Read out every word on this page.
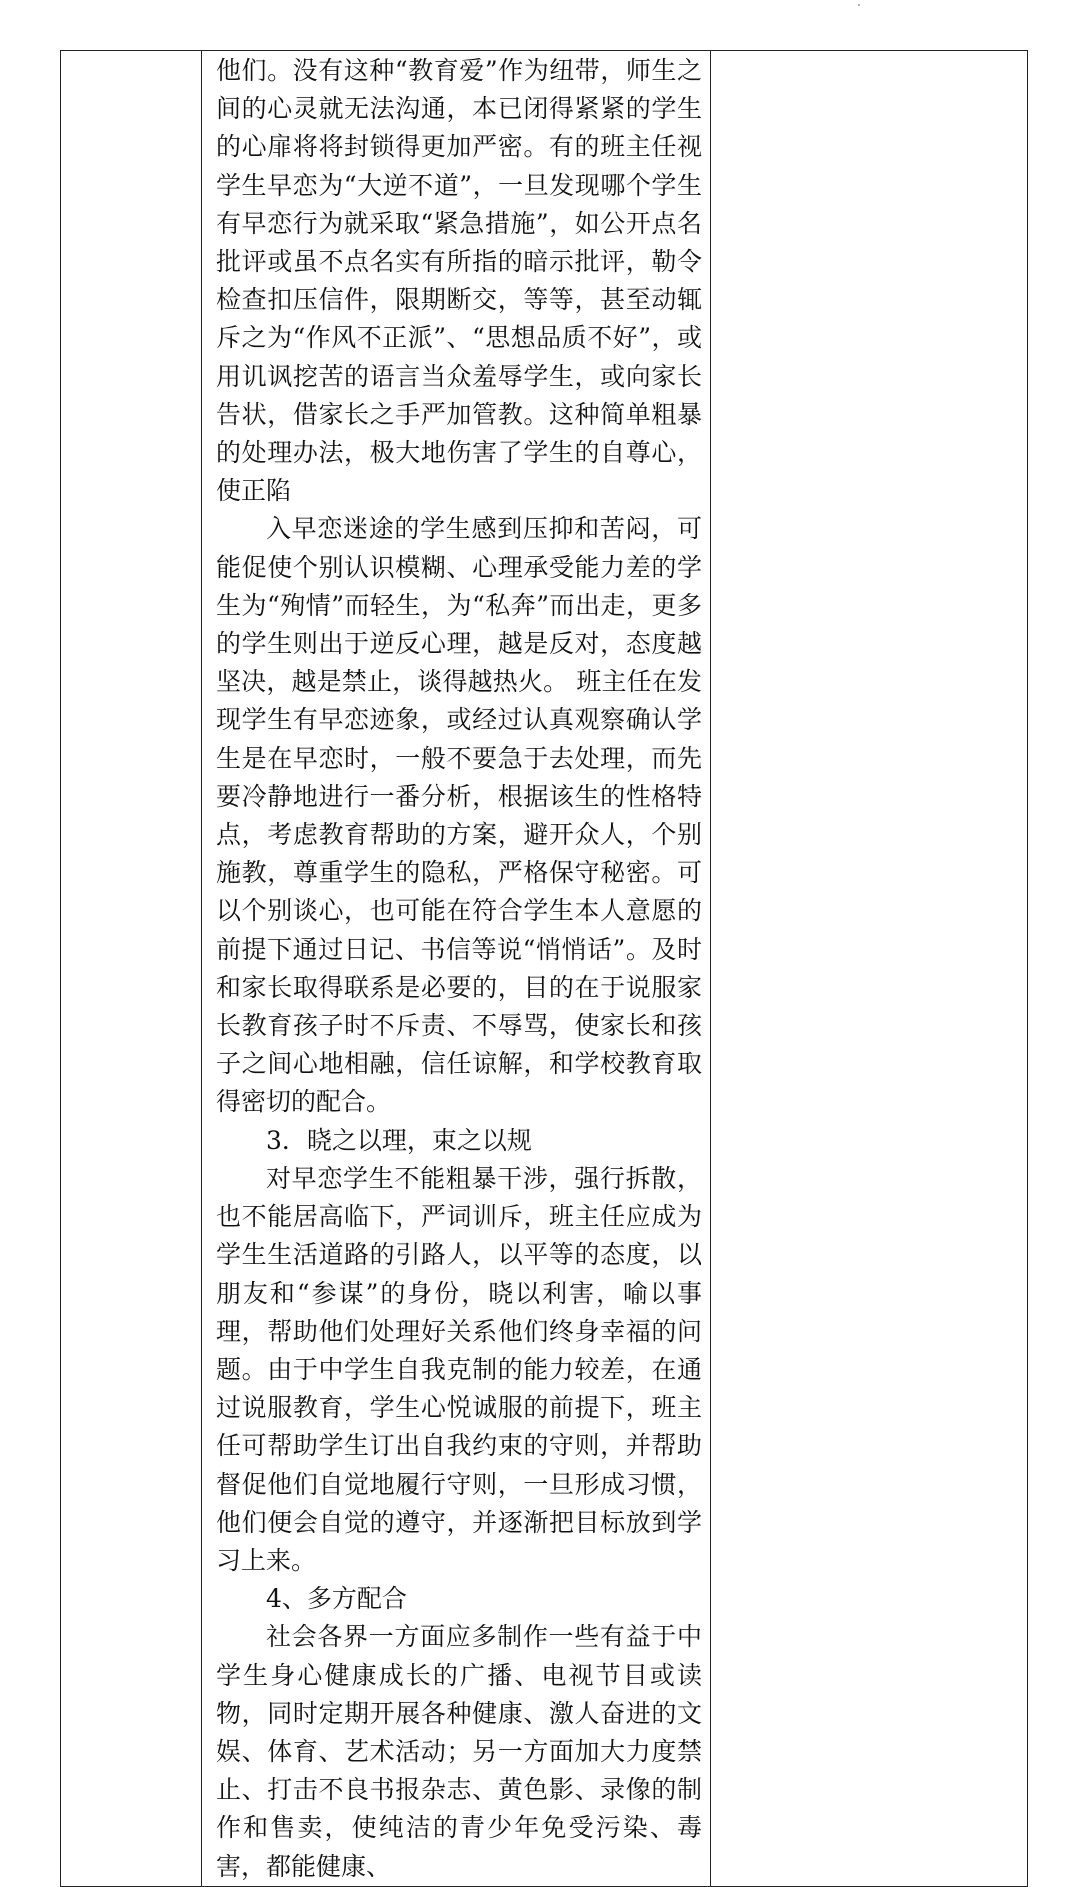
他们。没有这种“教育爱”作为纽带，师生之间的心灵就无法沟通，本已闭得紧紧的学生的心扉将将封锁得更加严密。有的班主任视学生早恋为“大逆不道”，一旦发现哪个学生有早恋行为就采取“紧急措施”，如公开点名批评或虽不点名实有所指的暗示批评，勒令检查扣压信件，限期断交，等等，甚至动辄斥之为“作风不正派”、“思想品质不好”，或用讥讽挖苦的语言当众羞辱学生，或向家长告状，借家长之手严加管教。这种简单粗暴的处理办法，极大地伤害了学生的自尊心，使正陷

入早恋迷途的学生感到压抑和苦闷，可能促使个别认识模糊、心理承受能力差的学生为“殉情”而轻生，为“私奔”而出走，更多的学生则出于逆反心理，越是反对，态度越坚决，越是禁止，谈得越热火。 班主任在发现学生有早恋迹象，或经过认真观察确认学生是在早恋时，一般不要急于去处理，而先要冷静地进行一番分析，根据该生的性格特点，考虑教育帮助的方案，避开众人，个别施教，尊重学生的隐私，严格保守秘密。可以个别谈心，也可能在符合学生本人意愿的前提下通过日记、书信等说“悄悄话”。及时和家长取得联系是必要的，目的在于说服家长教育孩子时不斥责、不辱骂，使家长和孩子之间心地相融，信任谅解，和学校教育取得密切的配合。

3．晓之以理，束之以规

对早恋学生不能粗暴干涉，强行拆散，也不能居高临下，严词训斥，班主任应成为学生生活道路的引路人，以平等的态度，以朋友和“参谋”的身份，晓以利害，喻以事理，帮助他们处理好关系他们终身幸福的问题。由于中学生自我克制的能力较差，在通过说服教育，学生心悦诚服的前提下，班主任可帮助学生订出自我约束的守则，并帮助督促他们自觉地履行守则，一旦形成习惯，他们便会自觉的遵守，并逐渐把目标放到学习上来。

4、多方配合

社会各界一方面应多制作一些有益于中学生身心健康成长的广播、电视节目或读物，同时定期开展各种健康、激人奋进的文娱、体育、艺术活动；另一方面加大力度禁止、打击不良书报杂志、黄色影、录像的制作和售卖，使纯洁的青少年免受污染、毒害，都能健康、
